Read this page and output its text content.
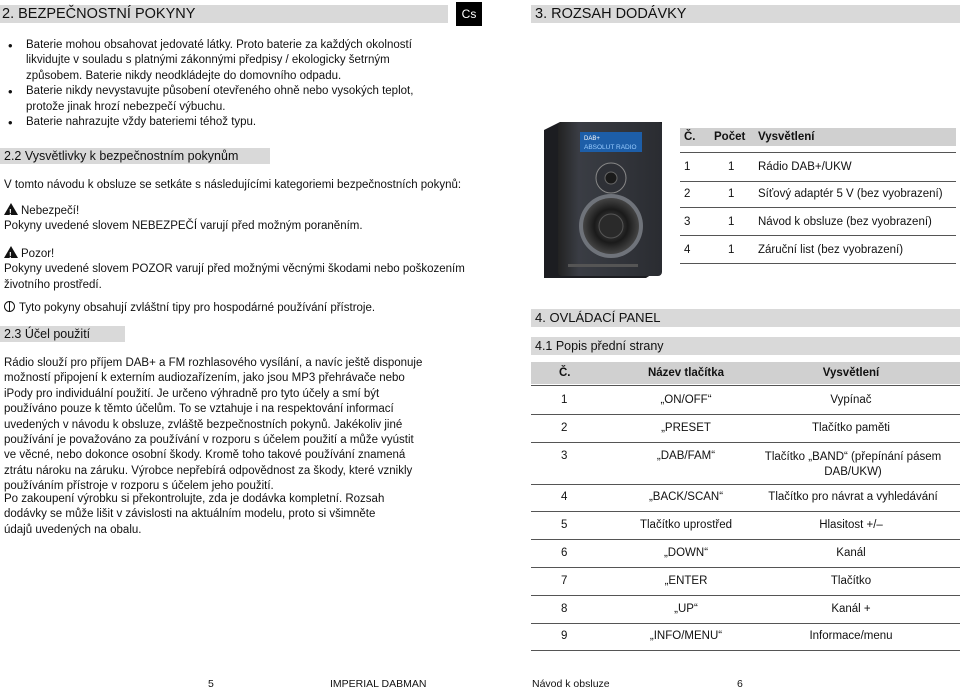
2. BEZPEČNOSTNÍ POKYNY	Cs
• Baterie mohou obsahovat jedovaté látky. Proto baterie za každých okolností likvidujte v souladu s platnými zákonnými předpisy / ekologicky šetrným způsobem. Baterie nikdy neodkládejte do domovního odpadu.
• Baterie nikdy nevystavujte působení otevřeného ohně nebo vysokých teplot, protože jinak hrozí nebezpečí výbuchu.
• Baterie nahrazujte vždy bateriemi téhož typu.
2.2 Vysvětlivky k bezpečnostním pokynům
V tomto návodu k obsluze se setkáte s následujícími kategoriemi bezpečnostních pokynů:
!Nebezpečí!
Pokyny uvedené slovem NEBEZPEČÍ varují před možným poraněním.
!Pozor!
Pokyny uvedené slovem POZOR varují před možnými věcnými škodami nebo poškozením životního prostředí.
Tyto pokyny obsahují zvláštní tipy pro hospodárné používání přístroje.
2.3 Účel použití
Rádio slouží pro příjem DAB+ a FM rozhlasového vysílání, a navíc ještě disponuje možností připojení k externím audiozařízením, jako jsou MP3 přehrávače nebo iPody pro individuální použití. Je určeno výhradně pro tyto účely a smí být používáno pouze k těmto účelům. To se vztahuje i na respektování informací uvedených v návodu k obsluze, zvláště bezpečnostních pokynů. Jakékoliv jiné používání je považováno za používání v rozporu s účelem použití a může vyústit ve věcné, nebo dokonce osobní škody. Kromě toho takové používání znamená ztrátu nároku na záruku. Výrobce nepřebírá odpovědnost za škody, které vznikly používáním přístroje v rozporu s účelem jeho použití.
Po zakoupení výrobku si překontrolujte, zda je dodávka kompletní. Rozsah dodávky se může lišit v závislosti na aktuálním modelu, proto si všimněte údajů uvedených na obalu.
3. ROZSAH DODÁVKY
DAB+
ABSOLUT RADIO
Č. Počet Vysvětlení
1	1 Rádio DAB+/UKW
2	1 Síťový adaptér 5 V (bez vyobrazení)
3	1 Návod k obsluze (bez vyobrazení)
4	1 Záruční list (bez vyobrazení)
4. OVLÁDACÍ PANEL
4.1 Popis přední strany
Č.	Název tlačítka	Vysvětlení
1	„ON/OFF“	Vypínač
2	„PRESET	Tlačítko paměti
3	„DAB/FAM“	Tlačítko „BAND“ (přepínání pásem DAB/UKW)
4	„BACK/SCAN“	Tlačítko pro návrat a vyhledávání
5	Tlačítko uprostřed	Hlasitost +/–
6	„DOWN“	Kanál
7	„ENTER	Tlačítko
8	„UP“	Kanál +
9	„INFO/MENU“	Informace/menu
5	IMPERIAL DABMAN	Návod k obsluze	6
